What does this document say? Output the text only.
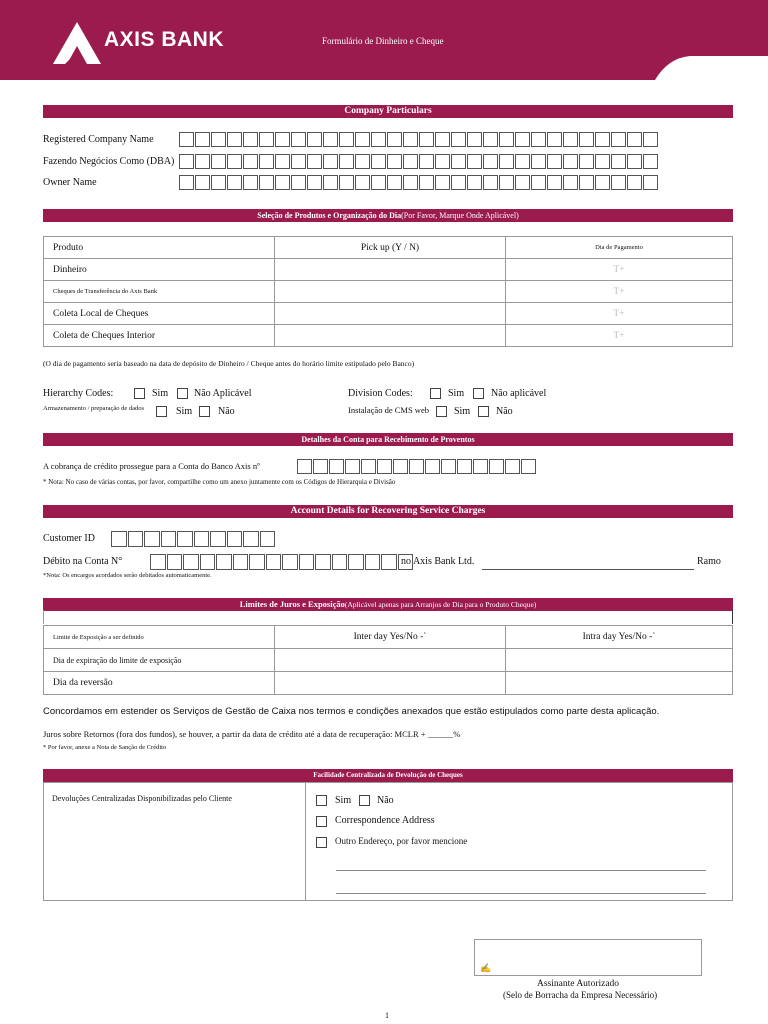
AXIS BANK	Formulário de Dinheiro e Cheque
Company Particulars
Registered Company Name
Fazendo Negócios Como (DBA)
Owner Name
Seleção de Produtos e Organização do Dia(Por Favor, Marque Onde Aplicável)
Produto	Pick up (Y / N)	Dia de Pagamento
Dinheiro		T+
Cheques de Transferência do Axis Bank		T+
Coleta Local de Cheques		T+
Coleta de Cheques Interior		T+
(O dia de pagamento seria baseado na data de depósito de Dinheiro / Cheque antes do horário limite estipulado pelo Banco)
Hierarchy Codes:	Sim	Não Aplicável	Division Codes:	Sim	Não aplicável
Armazenamento / preparação de dados	Sim	Não	Instalação de CMS web	Sim	Não
Detalhes da Conta para Recebimento de Proventos
A cobrança de crédito prossegue para a Conta do Banco Axis nº
* Nota: No caso de várias contas, por favor, compartilhe como um anexo juntamente com os Códigos de Hierarquia e Divisão
Account Details for Recovering Service Charges
Customer ID
Débito na Conta N°	no Axis Bank Ltd.	Ramo
*Nota: Os encargos acordados serão debitados automaticamente.
Limites de Juros e Exposição(Aplicável apenas para Arranjos de Dia para o Produto Cheque)
Limite de Exposição a ser definido	Inter day Yes/No -`	Intra day Yes/No -`
Dia de expiração do limite de exposição		
Dia da reversão		
Concordamos em estender os Serviços de Gestão de Caixa nos termos e condições anexados que estão estipulados como parte desta aplicação.
Juros sobre Retornos (fora dos fundos), se houver, a partir da data de crédito até a data de recuperação: MCLR + ______%
* Por favor, anexe a Nota de Sanção de Crédito
Facilidade Centralizada de Devolução de Cheques
Devoluções Centralizadas Disponibilizadas pelo Cliente	Sim	Não
Correspondence Address
Outro Endereço, por favor mencione
✍
Assinante Autorizado
(Selo de Borracha da Empresa Necessário)
1
